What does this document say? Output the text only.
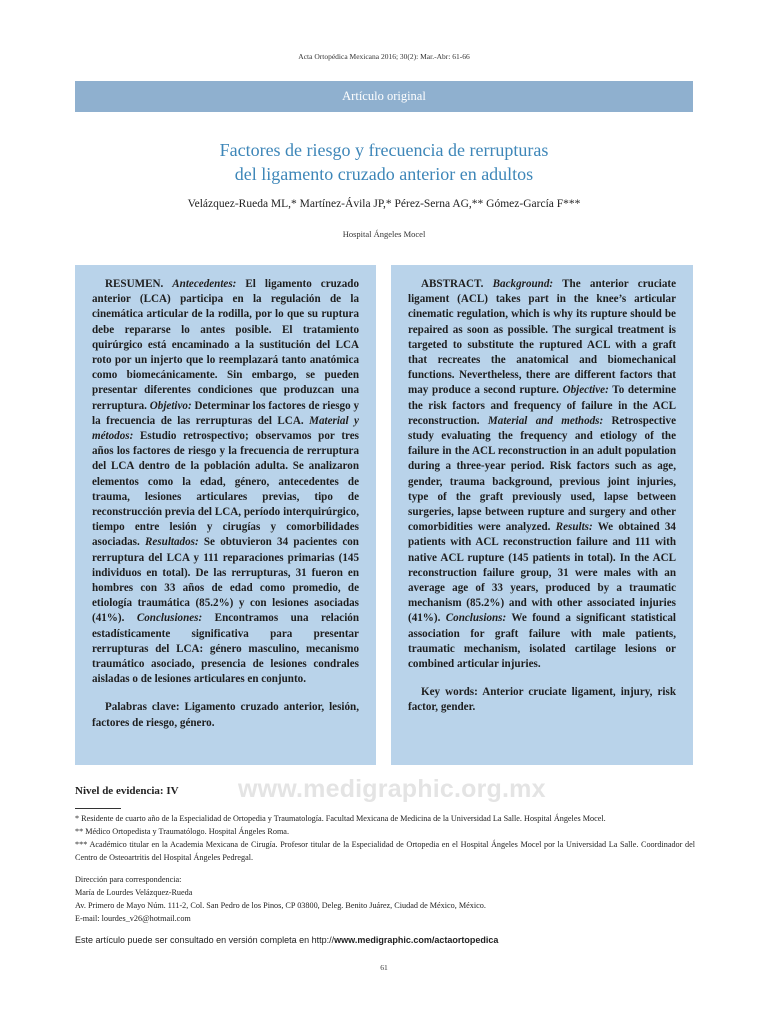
Acta Ortopédica Mexicana 2016; 30(2): Mar.-Abr: 61-66
Artículo original
Factores de riesgo y frecuencia de rerrupturas
del ligamento cruzado anterior en adultos
Velázquez-Rueda ML,* Martínez-Ávila JP,* Pérez-Serna AG,** Gómez-García F***
Hospital Ángeles Mocel

RESUMEN. Antecedentes: El ligamento cruzado anterior (LCA) participa en la regulación de la cinemática articular de la rodilla, por lo que su ruptura debe repararse lo antes posible. El tratamiento quirúrgico está encaminado a la sustitución del LCA roto por un injerto que lo reemplazará tanto anatómica como biomecánicamente. Sin embargo, se pueden presentar diferentes condiciones que produzcan una rerruptura. Objetivo: Determinar los factores de riesgo y la frecuencia de las rerrupturas del LCA. Material y métodos: Estudio retrospectivo; observamos por tres años los factores de riesgo y la frecuencia de rerruptura del LCA dentro de la población adulta. Se analizaron elementos como la edad, género, antecedentes de trauma, lesiones articulares previas, tipo de reconstrucción previa del LCA, período interquirúrgico, tiempo entre lesión y cirugías y comorbilidades asociadas. Resultados: Se obtuvieron 34 pacientes con rerruptura del LCA y 111 reparaciones primarias (145 individuos en total). De las rerrupturas, 31 fueron en hombres con 33 años de edad como promedio, de etiología traumática (85.2%) y con lesiones asociadas (41%). Conclusiones: Encontramos una relación estadísticamente significativa para presentar rerrupturas del LCA: género masculino, mecanismo traumático asociado, presencia de lesiones condrales aisladas o de lesiones articulares en conjunto.

Palabras clave: Ligamento cruzado anterior, lesión, factores de riesgo, género.

ABSTRACT. Background: The anterior cruciate ligament (ACL) takes part in the knee’s articular cinematic regulation, which is why its rupture should be repaired as soon as possible. The surgical treatment is targeted to substitute the ruptured ACL with a graft that recreates the anatomical and biomechanical functions. Nevertheless, there are different factors that may produce a second rupture. Objective: To determine the risk factors and frequency of failure in the ACL reconstruction. Material and methods: Retrospective study evaluating the frequency and etiology of the failure in the ACL reconstruction in an adult population during a three-year period. Risk factors such as age, gender, trauma background, previous joint injuries, type of the graft previously used, lapse between surgeries, lapse between rupture and surgery and other comorbidities were analyzed. Results: We obtained 34 patients with ACL reconstruction failure and 111 with native ACL rupture (145 patients in total). In the ACL reconstruction failure group, 31 were males with an average age of 33 years, produced by a traumatic mechanism (85.2%) and with other associated injuries (41%). Conclusions: We found a significant statistical association for graft failure with male patients, traumatic mechanism, isolated cartilage lesions or combined articular injuries.

Key words: Anterior cruciate ligament, injury, risk factor, gender.

www.medigraphic.org.mx
Nivel de evidencia: IV
* Residente de cuarto año de la Especialidad de Ortopedia y Traumatología. Facultad Mexicana de Medicina de la Universidad La Salle. Hospital Ángeles Mocel.
** Médico Ortopedista y Traumatólogo. Hospital Ángeles Roma.
*** Académico titular en la Academia Mexicana de Cirugía. Profesor titular de la Especialidad de Ortopedia en el Hospital Ángeles Mocel por la Universidad La Salle. Coordinador del Centro de Osteoartritis del Hospital Ángeles Pedregal.
Dirección para correspondencia:
María de Lourdes Velázquez-Rueda
Av. Primero de Mayo Núm. 111-2, Col. San Pedro de los Pinos, CP 03800, Deleg. Benito Juárez, Ciudad de México, México.
E-mail: lourdes_v26@hotmail.com
Este artículo puede ser consultado en versión completa en http://www.medigraphic.com/actaortopedica
61
